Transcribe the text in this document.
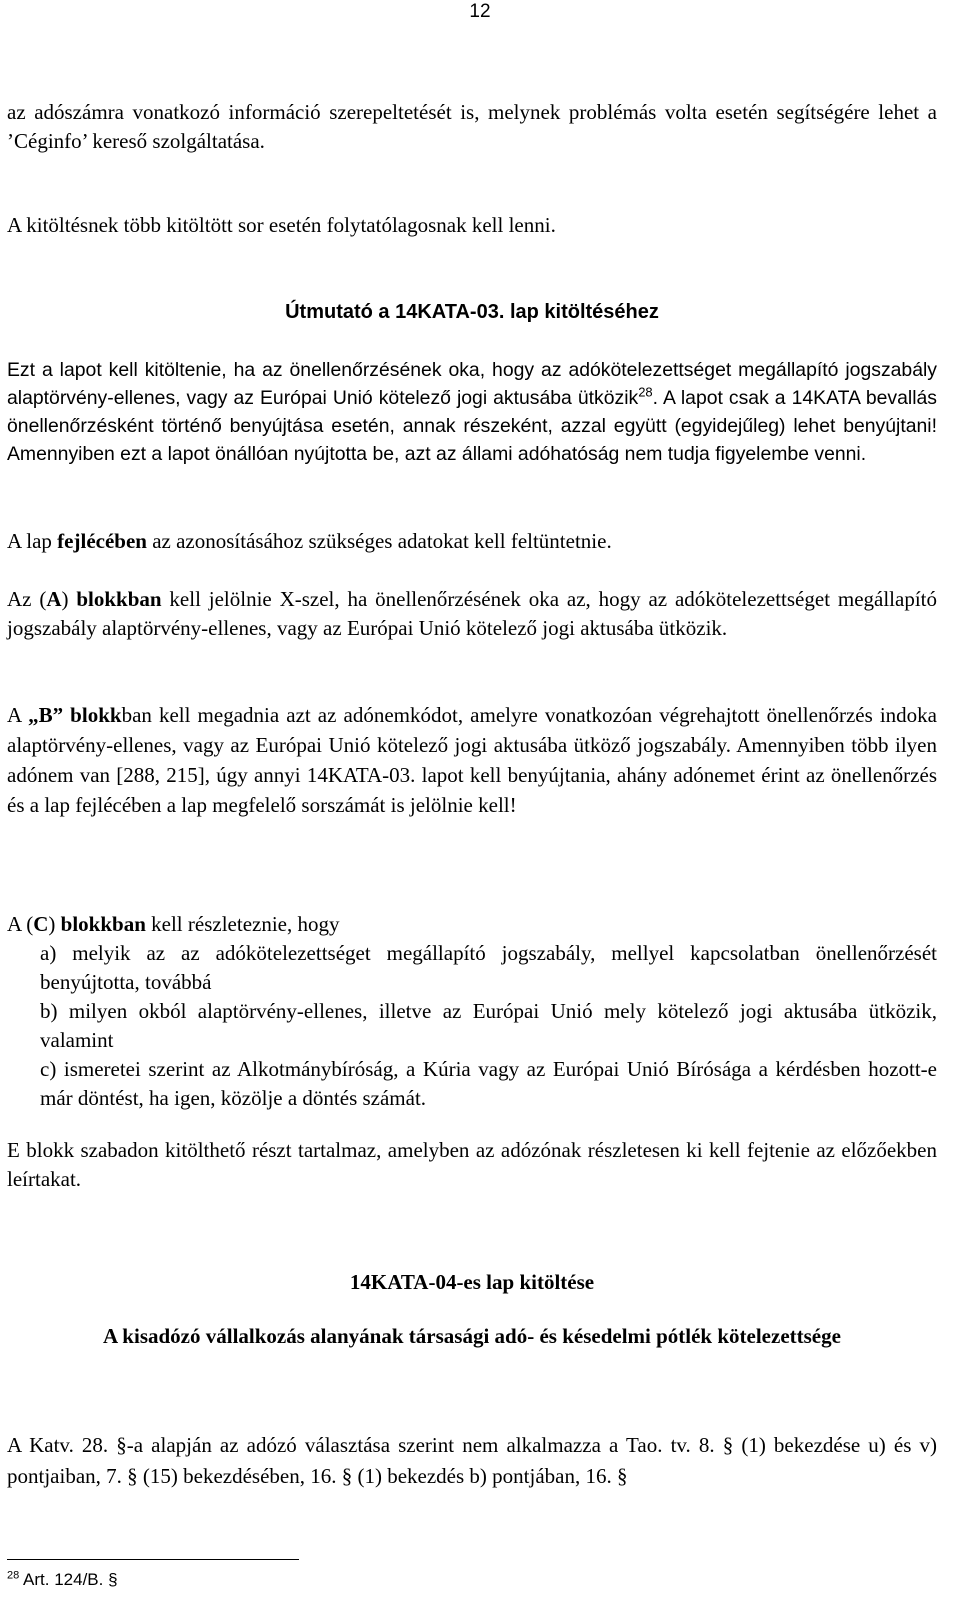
12

az adószámra vonatkozó információ szerepeltetését is, melynek problémás volta esetén segítségére lehet a ’Céginfo’ kereső szolgáltatása.

A kitöltésnek több kitöltött sor esetén folytatólagosnak kell lenni.

Útmutató a 14KATA-03. lap kitöltéséhez

Ezt a lapot kell kitöltenie, ha az önellenőrzésének oka, hogy az adókötelezettséget megállapító jogszabály alaptörvény-ellenes, vagy az Európai Unió kötelező jogi aktusába ütközik$^{28}$. A lapot csak a 14KATA bevallás önellenőrzésként történő benyújtása esetén, annak részeként, azzal együtt (egyidejűleg) lehet benyújtani! Amennyiben ezt a lapot önállóan nyújtotta be, azt az állami adóhatóság nem tudja figyelembe venni.

A lap fejlécében az azonosításához szükséges adatokat kell feltüntetnie.

Az (A) blokkban kell jelölnie X-szel, ha önellenőrzésének oka az, hogy az adókötelezettséget megállapító jogszabály alaptörvény-ellenes, vagy az Európai Unió kötelező jogi aktusába ütközik.

A „B” blokkban kell megadnia azt az adónemkódot, amelyre vonatkozóan végrehajtott önellenőrzés indoka alaptörvény-ellenes, vagy az Európai Unió kötelező jogi aktusába ütköző jogszabály. Amennyiben több ilyen adónem van [288, 215], úgy annyi 14KATA-03. lapot kell benyújtania, ahány adónemet érint az önellenőrzés és a lap fejlécében a lap megfelelő sorszámát is jelölnie kell!

A (C) blokkban kell részleteznie, hogy

a) melyik az az adókötelezettséget megállapító jogszabály, mellyel kapcsolatban önellenőrzését benyújtotta, továbbá

b) milyen okból alaptörvény-ellenes, illetve az Európai Unió mely kötelező jogi aktusába ütközik, valamint

c) ismeretei szerint az Alkotmánybíróság, a Kúria vagy az Európai Unió Bírósága a kérdésben hozott-e már döntést, ha igen, közölje a döntés számát.

E blokk szabadon kitölthető részt tartalmaz, amelyben az adózónak részletesen ki kell fejtenie az előzőekben leírtakat.

14KATA-04-es lap kitöltése

A kisadózó vállalkozás alanyának társasági adó- és késedelmi pótlék kötelezettsége

A Katv. 28. §-a alapján az adózó választása szerint nem alkalmazza a Tao. tv. 8. § (1) bekezdése u) és v) pontjaiban, 7. § (15) bekezdésében, 16. § (1) bekezdés b) pontjában, 16. §

$^{28}$ Art. 124/B. §
